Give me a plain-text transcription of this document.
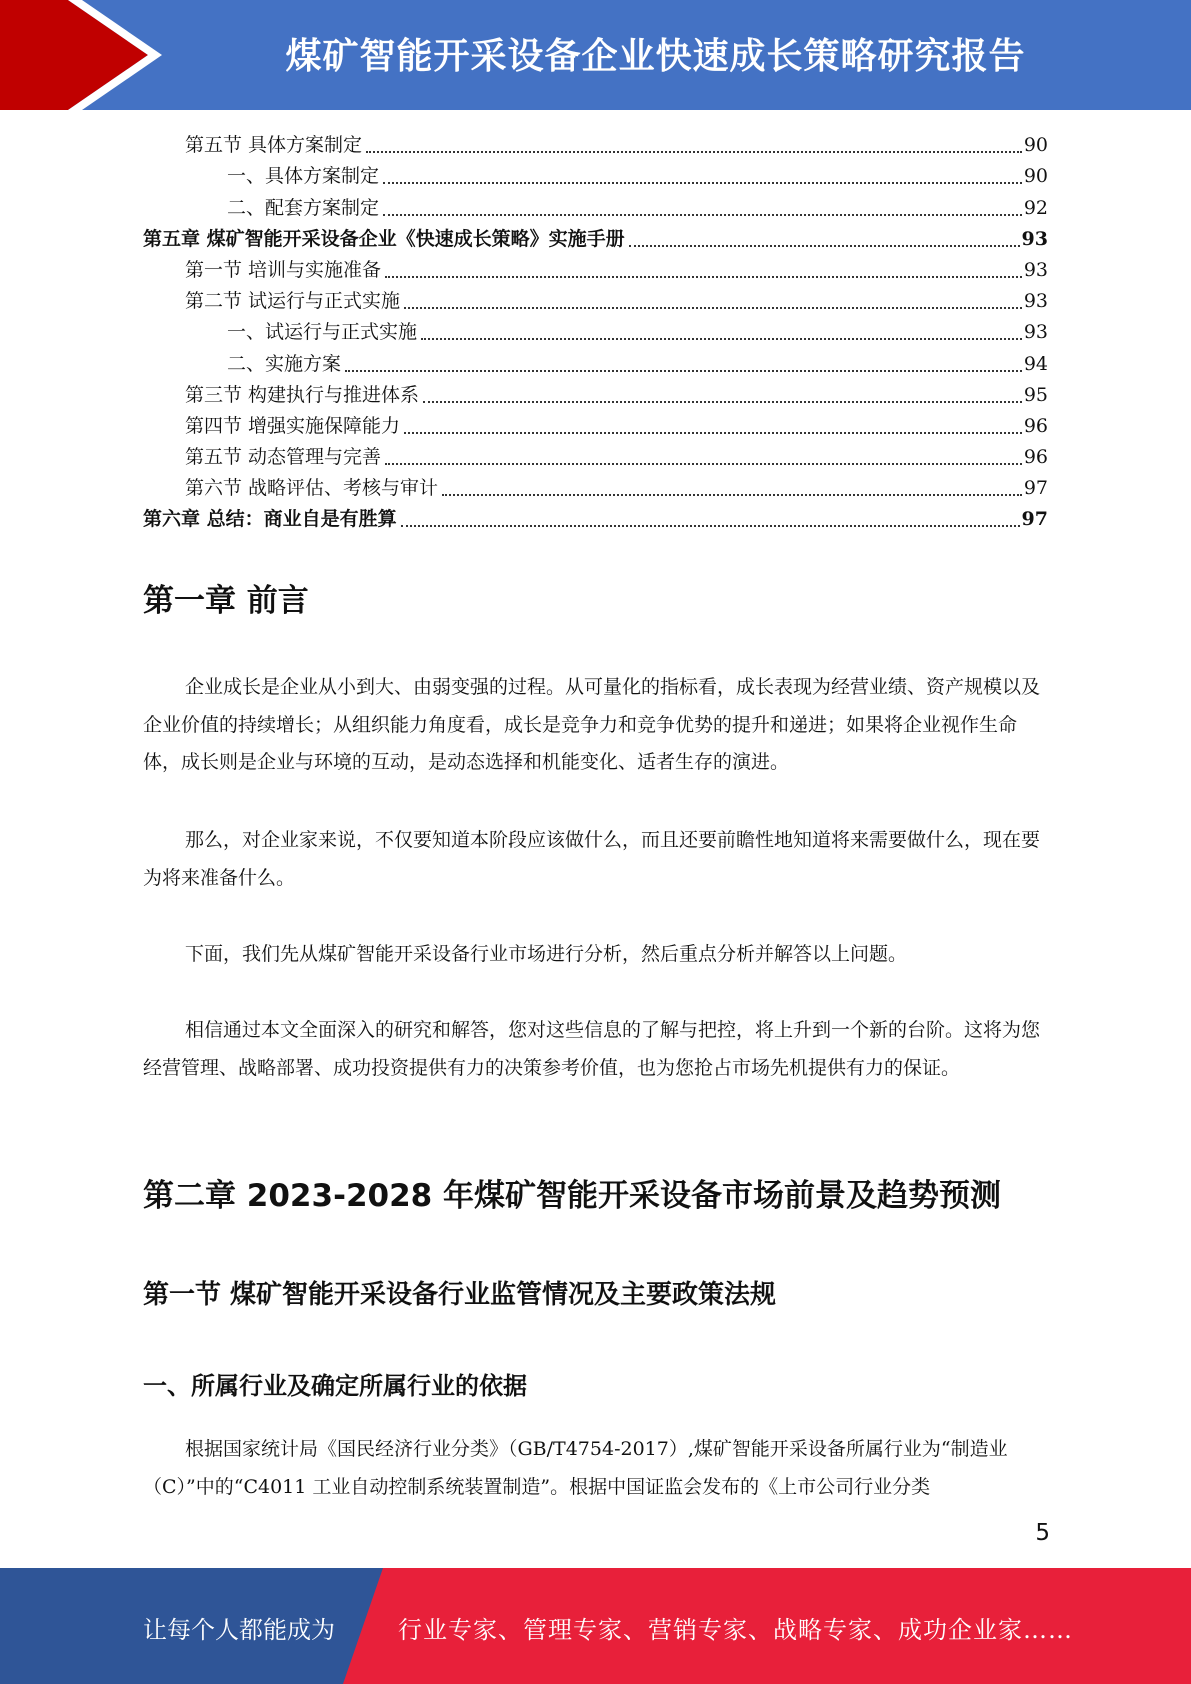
煤矿智能开采设备企业快速成长策略研究报告
第五节 具体方案制定	90
一、具体方案制定	90
二、配套方案制定	92
第五章 煤矿智能开采设备企业《快速成长策略》实施手册	93
第一节 培训与实施准备	93
第二节 试运行与正式实施	93
一、试运行与正式实施	93
二、实施方案	94
第三节 构建执行与推进体系	95
第四节 增强实施保障能力	96
第五节 动态管理与完善	96
第六节 战略评估、考核与审计	97
第六章 总结：商业自是有胜算	97
第一章 前言

企业成长是企业从小到大、由弱变强的过程。从可量化的指标看，成长表现为经营业绩、资产规模以及企业价值的持续增长；从组织能力角度看，成长是竞争力和竞争优势的提升和递进；如果将企业视作生命体，成长则是企业与环境的互动，是动态选择和机能变化、适者生存的演进。

那么，对企业家来说，不仅要知道本阶段应该做什么，而且还要前瞻性地知道将来需要做什么，现在要为将来准备什么。

下面，我们先从煤矿智能开采设备行业市场进行分析，然后重点分析并解答以上问题。

相信通过本文全面深入的研究和解答，您对这些信息的了解与把控，将上升到一个新的台阶。这将为您经营管理、战略部署、成功投资提供有力的决策参考价值，也为您抢占市场先机提供有力的保证。

第二章 2023-2028 年煤矿智能开采设备市场前景及趋势预测
第一节 煤矿智能开采设备行业监管情况及主要政策法规
一、所属行业及确定所属行业的依据

根据国家统计局《国民经济行业分类》（GB/T4754-2017）,煤矿智能开采设备所属行业为“制造业（C）”中的“C4011 工业自动控制系统装置制造”。根据中国证监会发布的《上市公司行业分类

5
让每个人都能成为	行业专家、管理专家、营销专家、战略专家、成功企业家……
